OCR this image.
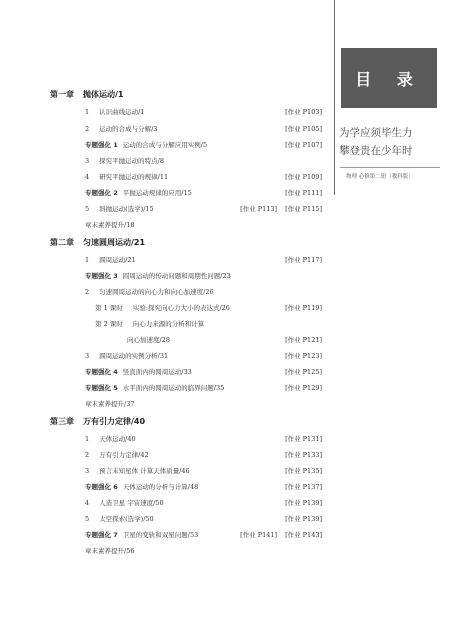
目 录
为学应须毕生力
攀登贵在少年时
物理 必修第二册（教科版）
第一章 抛体运动/1
1 认识曲线运动/1	[作业 P103]
2 运动的合成与分解/3	[作业 P105]
专题强化 1 运动的合成与分解应用实例/5	[作业 P107]
3 探究平抛运动的特点/8
4 研究平抛运动的规律/11	[作业 P109]
专题强化 2 平抛运动规律的应用/15	[作业 P111]
5 斜抛运动(选学)/15	[作业 P113] [作业 P115]
章末素养提升/18
第二章 匀速圆周运动/21
1 圆周运动/21	[作业 P117]
专题强化 3 圆周运动的传动问题和周期性问题/23
2 匀速圆周运动的向心力和向心加速度/26
第 1 课时 实验:探究向心力大小的表达式/26	[作业 P119]
第 2 课时 向心力来源的分析和计算
向心加速度/28	[作业 P121]
3 圆周运动的实例分析/31	[作业 P123]
专题强化 4 竖直面内的圆周运动/33	[作业 P125]
专题强化 5 水平面内的圆周运动的临界问题/35	[作业 P129]
章末素养提升/37
第三章 万有引力定律/40
1 天体运动/40	[作业 P131]
2 万有引力定律/42	[作业 P133]
3 预言未知星体 计算天体质量/46	[作业 P135]
专题强化 6 天体运动的分析与计算/48	[作业 P137]
4 人造卫星 宇宙速度/50	[作业 P139]
5 太空探索(选学)/50	[作业 P139]
专题强化 7 卫星的变轨和双星问题/53	[作业 P141] [作业 P143]
章末素养提升/56
